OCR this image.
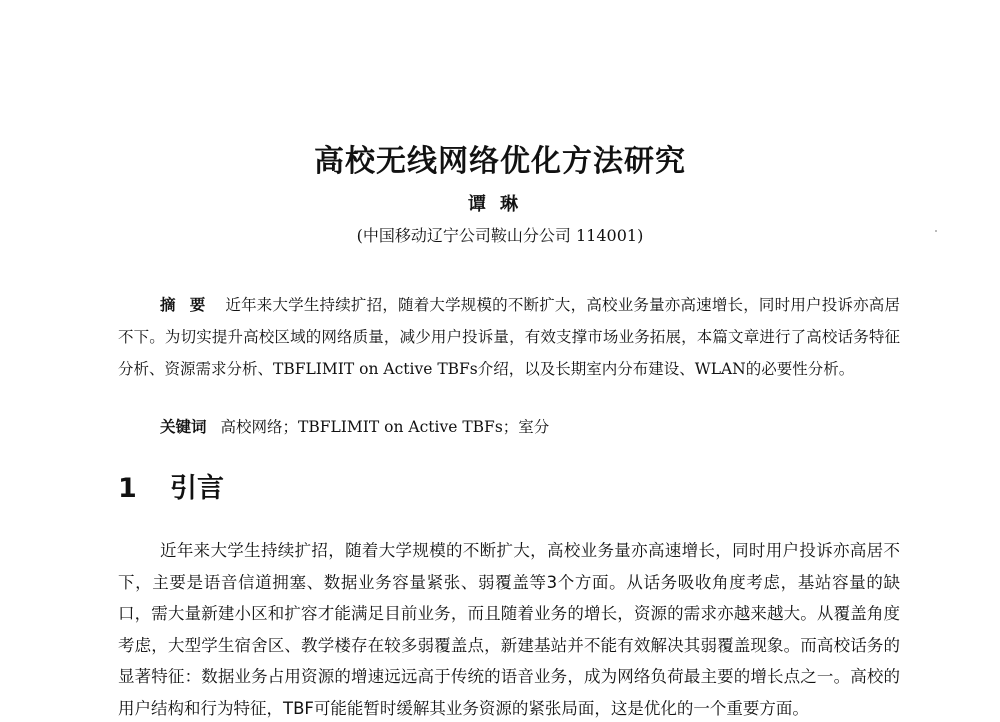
高校无线网络优化方法研究
谭琳
(中国移动辽宁公司鞍山分公司 114001)

摘要 近年来大学生持续扩招，随着大学规模的不断扩大，高校业务量亦高速增长，同时用户投诉亦高居不下。为切实提升高校区域的网络质量，减少用户投诉量，有效支撑市场业务拓展，本篇文章进行了高校话务特征分析、资源需求分析、TBFLIMIT on Active TBFs介绍，以及长期室内分布建设、WLAN的必要性分析。

关键词 高校网络；TBFLIMIT on Active TBFs；室分

1 引言

近年来大学生持续扩招，随着大学规模的不断扩大，高校业务量亦高速增长，同时用户投诉亦高居不下，主要是语音信道拥塞、数据业务容量紧张、弱覆盖等3个方面。从话务吸收角度考虑，基站容量的缺口，需大量新建小区和扩容才能满足目前业务，而且随着业务的增长，资源的需求亦越来越大。从覆盖角度考虑，大型学生宿舍区、教学楼存在较多弱覆盖点，新建基站并不能有效解决其弱覆盖现象。而高校话务的显著特征：数据业务占用资源的增速远远高于传统的语音业务，成为网络负荷最主要的增长点之一。高校的用户结构和行为特征，TBF可能能暂时缓解其业务资源的紧张局面，这是优化的一个重要方面。
